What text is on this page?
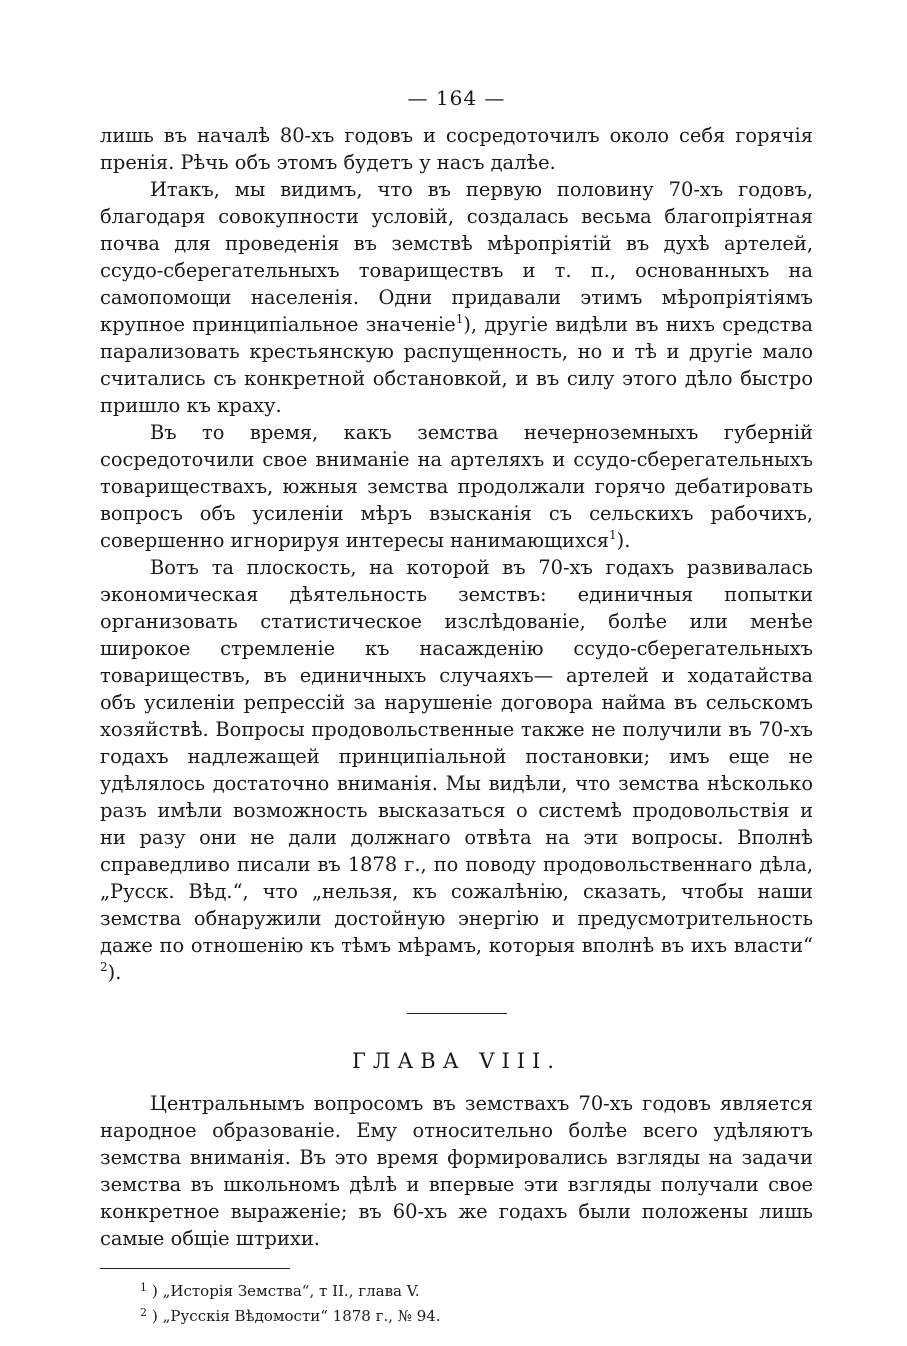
— 164 —

лишь въ началѣ 80-хъ годовъ и сосредоточилъ около себя горячія пренія. Рѣчь объ этомъ будетъ у насъ далѣе.

Итакъ, мы видимъ, что въ первую половину 70-хъ годовъ, благодаря совокупности условій, создалась весьма благопріятная почва для проведенія въ земствѣ мѣропріятій въ духѣ артелей, ссудо-сберегательныхъ товариществъ и т. п., основанныхъ на самопомощи населенія. Одни придавали этимъ мѣропріятіямъ крупное принципіальное значеніе$^1$), другіе видѣли въ нихъ средства парализовать крестьянскую распущенность, но и тѣ и другіе мало считались съ конкретной обстановкой, и въ силу этого дѣло быстро пришло къ краху.

Въ то время, какъ земства нечерноземныхъ губерній сосредоточили свое вниманіе на артеляхъ и ссудо-сберегательныхъ товариществахъ, южныя земства продолжали горячо дебатировать вопросъ объ усиленіи мѣръ взысканія съ сельскихъ рабочихъ, совершенно игнорируя интересы нанимающихся$^1$).

Вотъ та плоскость, на которой въ 70-хъ годахъ развивалась экономическая дѣятельность земствъ: единичныя попытки организовать статистическое изслѣдованіе, болѣе или менѣе широкое стремленіе къ насажденію ссудо-сберегательныхъ товариществъ, въ единичныхъ случаяхъ— артелей и ходатайства объ усиленіи репрессій за нарушеніе договора найма въ сельскомъ хозяйствѣ. Вопросы продовольственные также не получили въ 70-хъ годахъ надлежащей принципіальной постановки; имъ еще не удѣлялось достаточно вниманія. Мы видѣли, что земства нѣсколько разъ имѣли возможность высказаться о системѣ продовольствія и ни разу они не дали должнаго отвѣта на эти вопросы. Вполнѣ справедливо писали въ 1878 г., по поводу продовольственнаго дѣла, „Русск. Вѣд.“, что „нельзя, къ сожалѣнію, сказать, чтобы наши земства обнаружили достойную энергію и предусмотрительность даже по отношенію къ тѣмъ мѣрамъ, которыя вполнѣ въ ихъ власти“ $^2$).

ГЛАВА VIII.

Центральнымъ вопросомъ въ земствахъ 70-хъ годовъ является народное образованіе. Ему относительно болѣе всего удѣляютъ земства вниманія. Въ это время формировались взгляды на задачи земства въ школьномъ дѣлѣ и впервые эти взгляды получали свое конкретное выраженіе; въ 60-хъ же годахъ были положены лишь самые общіе штрихи.

$^1$ ) „Исторія Земства“, т II., глава V.
$^2$ ) „Русскія Вѣдомости“ 1878 г., № 94.
